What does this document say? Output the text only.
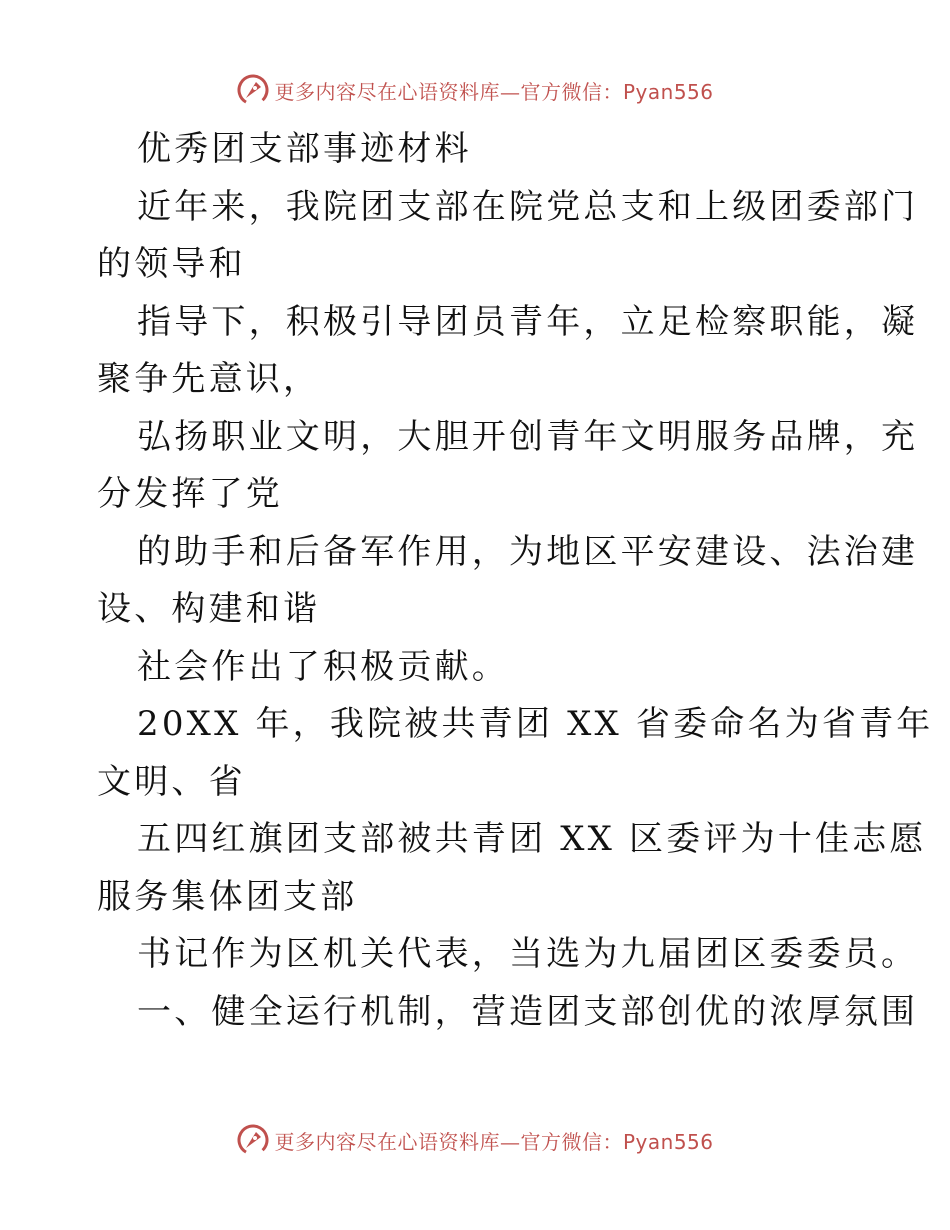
更多内容尽在心语资料库—官方微信：Pyan556
优秀团支部事迹材料
近年来，我院团支部在院党总支和上级团委部门
的领导和
指导下，积极引导团员青年，立足检察职能，凝
聚争先意识，
弘扬职业文明，大胆开创青年文明服务品牌，充
分发挥了党
的助手和后备军作用，为地区平安建设、法治建
设、构建和谐
社会作出了积极贡献。
20XX 年，我院被共青团 XX 省委命名为省青年
文明、省
五四红旗团支部被共青团 XX 区委评为十佳志愿
服务集体团支部
书记作为区机关代表，当选为九届团区委委员。
一、健全运行机制，营造团支部创优的浓厚氛围
更多内容尽在心语资料库—官方微信：Pyan556
